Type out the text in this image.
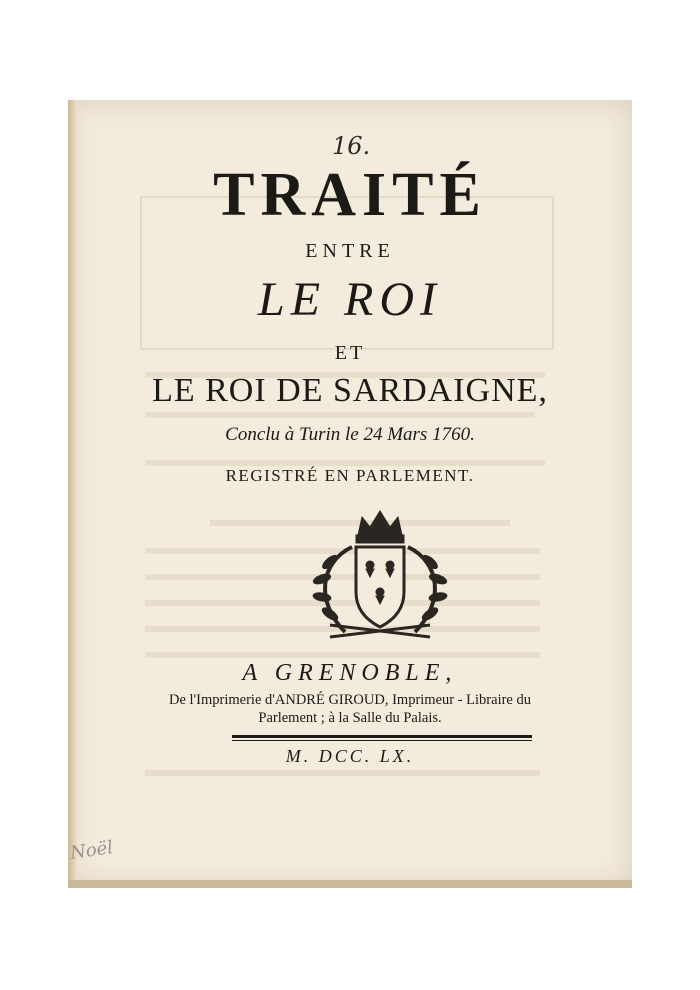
16.
TRAITÉ
ENTRE
LE ROI
ET
LE ROI DE SARDAIGNE,
Conclu à Turin le 24 Mars 1760.
REGISTRÉ EN PARLEMENT.
A GRENOBLE,
De l'Imprimerie d'ANDRÉ GIROUD, Imprimeur - Libraire du
Parlement ; à la Salle du Palais.
M. DCC. LX.
Noël
